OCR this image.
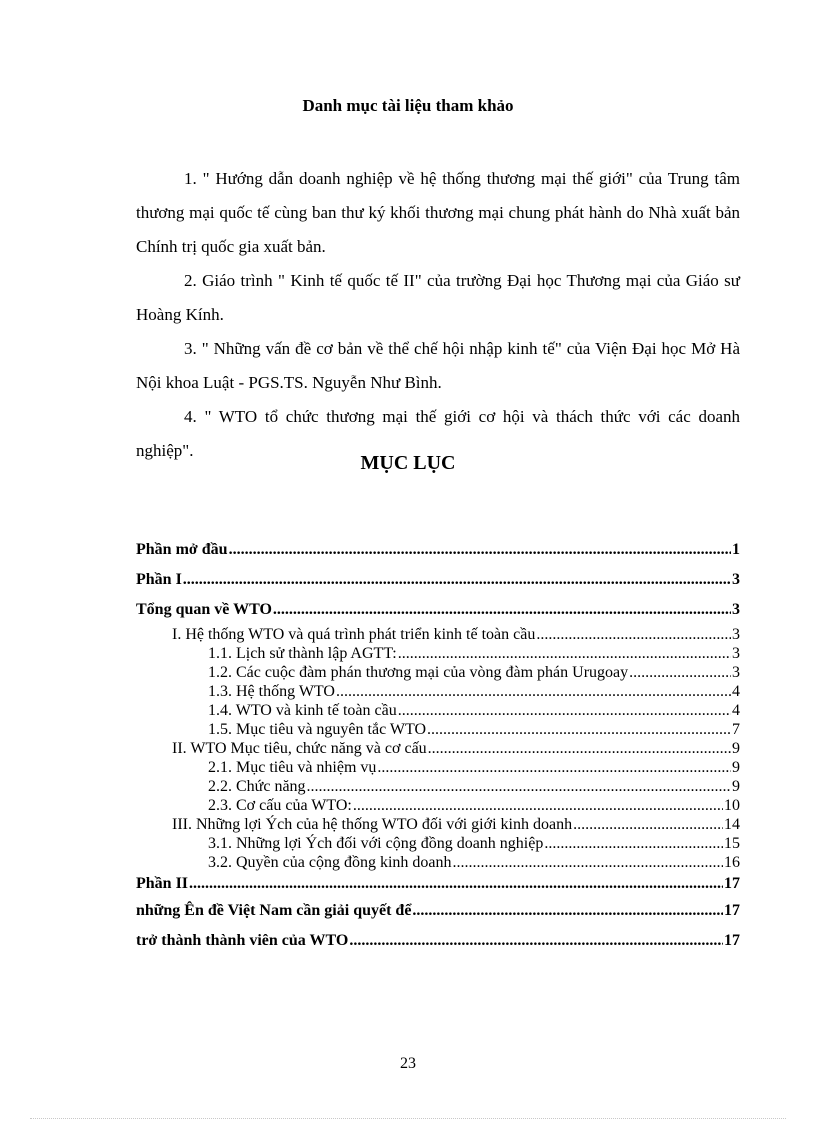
Danh mục tài liệu tham khảo

1. " Hướng dẫn doanh nghiệp về hệ thống thương mại thế giới" của Trung tâm thương mại quốc tế cùng ban thư ký khối thương mại chung phát hành do Nhà xuất bản Chính trị quốc gia xuất bản.

2. Giáo trình " Kinh tế quốc tế II" của trường Đại học Thương mại của Giáo sư Hoàng Kính.

3. " Những vấn đề cơ bản về thể chế hội nhập kinh tế" của Viện Đại học Mở Hà Nội khoa Luật - PGS.TS. Nguyễn Như Bình.

4. " WTO tổ chức thương mại thế giới cơ hội và thách thức với các doanh nghiệp".

MỤC LỤC
Phần mở đầu .....	1
Phần I .....	3
Tổng quan về WTO .....	3
I. Hệ thống WTO và quá trình phát triển kinh tế toàn cầu .....	3
1.1. Lịch sử thành lập AGTT: .....	3
1.2. Các cuộc đàm phán thương mại của vòng đàm phán Urugoay .....	3
1.3. Hệ thống WTO .....	4
1.4. WTO và kinh tế toàn cầu .....	4
1.5. Mục tiêu và nguyên tắc WTO .....	7
II. WTO Mục tiêu, chức năng và cơ cấu .....	9
2.1. Mục tiêu và nhiệm vụ .....	9
2.2. Chức năng .....	9
2.3. Cơ cấu của WTO: .....	10
III. Những lợi Ých của hệ thống WTO đối với giới kinh doanh .....	14
3.1. Những lợi Ých đối với cộng đồng doanh nghiệp .....	15
3.2. Quyền của cộng đồng kinh doanh .....	16
Phần II .....	17
những Ên đề Việt Nam cần giải quyết để .....	17
trở thành thành viên của WTO .....	17
23
